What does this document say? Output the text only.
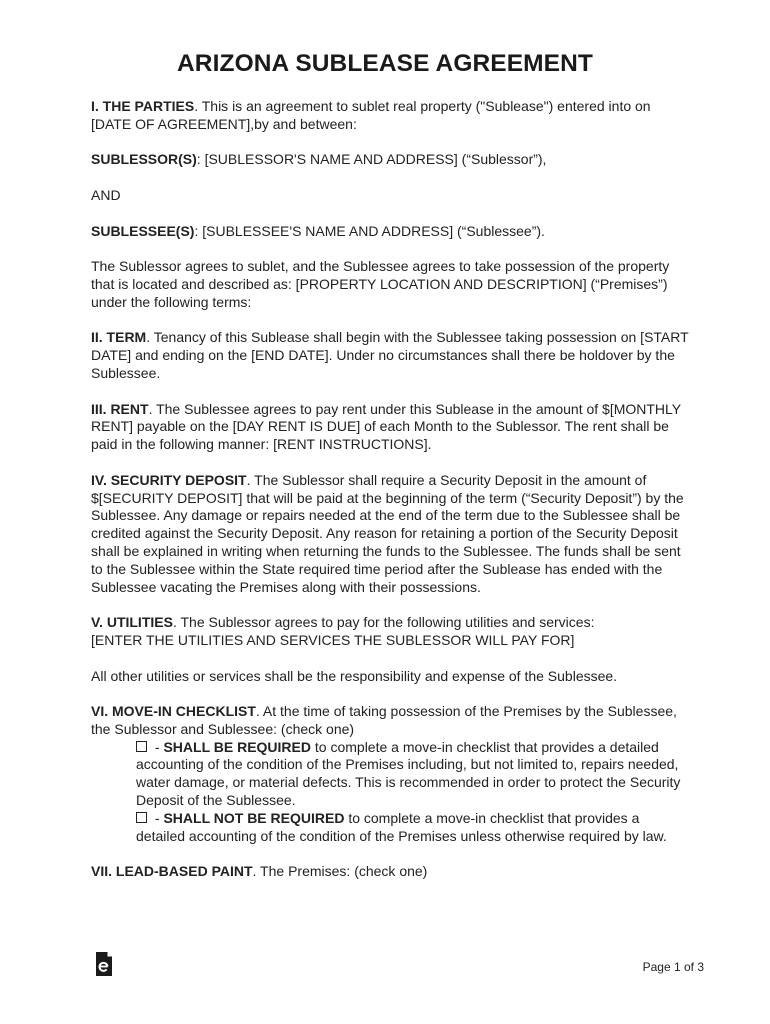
ARIZONA SUBLEASE AGREEMENT

I. THE PARTIES. This is an agreement to sublet real property ("Sublease") entered into on [DATE OF AGREEMENT],by and between:

SUBLESSOR(S): [SUBLESSOR'S NAME AND ADDRESS] (“Sublessor”),

AND

SUBLESSEE(S): [SUBLESSEE'S NAME AND ADDRESS] (“Sublessee”).

The Sublessor agrees to sublet, and the Sublessee agrees to take possession of the property that is located and described as: [PROPERTY LOCATION AND DESCRIPTION] (“Premises”) under the following terms:

II. TERM. Tenancy of this Sublease shall begin with the Sublessee taking possession on [START DATE] and ending on the [END DATE]. Under no circumstances shall there be holdover by the Sublessee.

III. RENT. The Sublessee agrees to pay rent under this Sublease in the amount of $[MONTHLY RENT] payable on the [DAY RENT IS DUE] of each Month to the Sublessor. The rent shall be paid in the following manner: [RENT INSTRUCTIONS].

IV. SECURITY DEPOSIT. The Sublessor shall require a Security Deposit in the amount of $[SECURITY DEPOSIT] that will be paid at the beginning of the term (“Security Deposit”) by the Sublessee. Any damage or repairs needed at the end of the term due to the Sublessee shall be credited against the Security Deposit. Any reason for retaining a portion of the Security Deposit shall be explained in writing when returning the funds to the Sublessee. The funds shall be sent to the Sublessee within the State required time period after the Sublease has ended with the Sublessee vacating the Premises along with their possessions.

V. UTILITIES. The Sublessor agrees to pay for the following utilities and services:
[ENTER THE UTILITIES AND SERVICES THE SUBLESSOR WILL PAY FOR]

All other utilities or services shall be the responsibility and expense of the Sublessee.

VI. MOVE-IN CHECKLIST. At the time of taking possession of the Premises by the Sublessee, the Sublessor and Sublessee: (check one)

- SHALL BE REQUIRED to complete a move-in checklist that provides a detailed accounting of the condition of the Premises including, but not limited to, repairs needed, water damage, or material defects. This is recommended in order to protect the Security Deposit of the Sublessee.
- SHALL NOT BE REQUIRED to complete a move-in checklist that provides a detailed accounting of the condition of the Premises unless otherwise required by law.

VII. LEAD-BASED PAINT. The Premises: (check one)

Page 1 of 3
